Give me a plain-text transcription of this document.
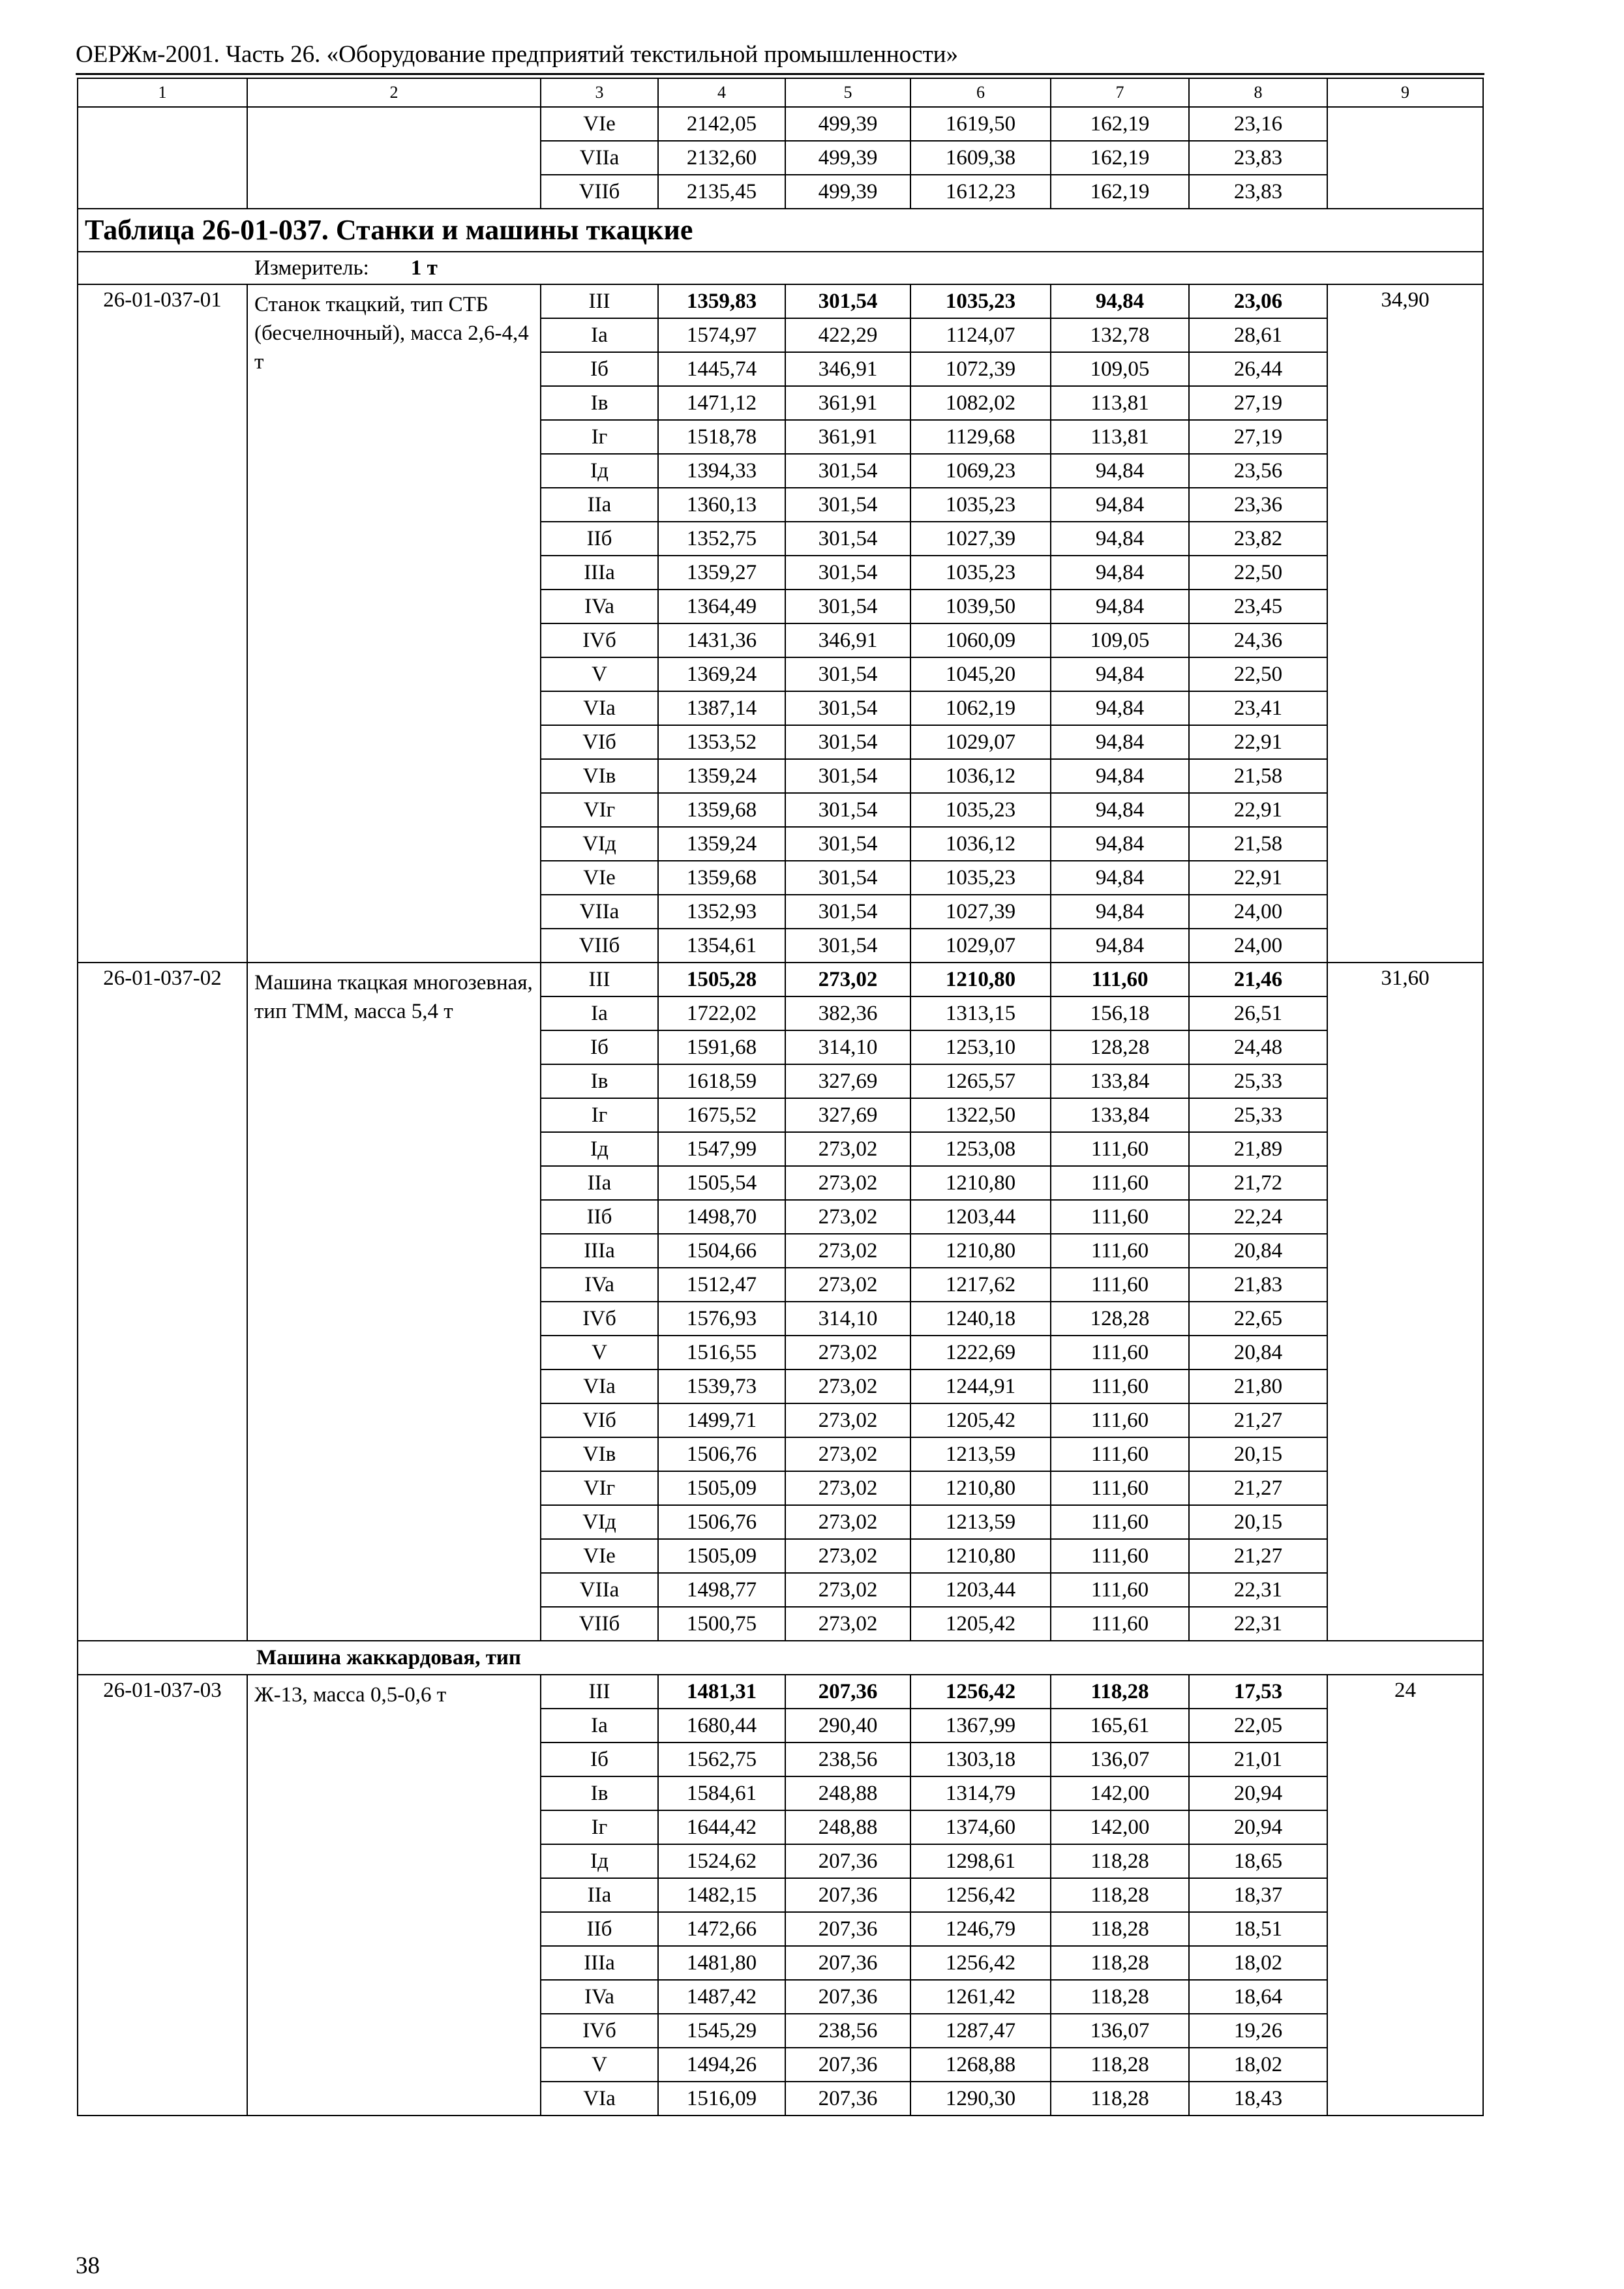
ОЕРЖм-2001. Часть 26. «Оборудование предприятий текстильной промышленности»
1	2	3	4	5	6	7	8	9
		VIe	2142,05	499,39	1619,50	162,19	23,16	
		VIIa	2132,60	499,39	1609,38	162,19	23,83	
		VIIб	2135,45	499,39	1612,23	162,19	23,83	
Таблица 26-01-037. Станки и машины ткацкие								
Измеритель: 1 т								
26-01-037-01	Станок ткацкий, тип СТБ (бесчелночный), масса 2,6-4,4 т	III	1359,83	301,54	1035,23	94,84	23,06	34,90
		Ia	1574,97	422,29	1124,07	132,78	28,61	
		Iб	1445,74	346,91	1072,39	109,05	26,44	
		Iв	1471,12	361,91	1082,02	113,81	27,19	
		Iг	1518,78	361,91	1129,68	113,81	27,19	
		Iд	1394,33	301,54	1069,23	94,84	23,56	
		IIa	1360,13	301,54	1035,23	94,84	23,36	
		IIб	1352,75	301,54	1027,39	94,84	23,82	
		IIIa	1359,27	301,54	1035,23	94,84	22,50	
		IVa	1364,49	301,54	1039,50	94,84	23,45	
		IVб	1431,36	346,91	1060,09	109,05	24,36	
		V	1369,24	301,54	1045,20	94,84	22,50	
		VIa	1387,14	301,54	1062,19	94,84	23,41	
		VIб	1353,52	301,54	1029,07	94,84	22,91	
		VIв	1359,24	301,54	1036,12	94,84	21,58	
		VIг	1359,68	301,54	1035,23	94,84	22,91	
		VIд	1359,24	301,54	1036,12	94,84	21,58	
		VIe	1359,68	301,54	1035,23	94,84	22,91	
		VIIa	1352,93	301,54	1027,39	94,84	24,00	
		VIIб	1354,61	301,54	1029,07	94,84	24,00	
26-01-037-02	Машина ткацкая многозевная, тип ТММ, масса 5,4 т	III	1505,28	273,02	1210,80	111,60	21,46	31,60
		Ia	1722,02	382,36	1313,15	156,18	26,51	
		Iб	1591,68	314,10	1253,10	128,28	24,48	
		Iв	1618,59	327,69	1265,57	133,84	25,33	
		Iг	1675,52	327,69	1322,50	133,84	25,33	
		Iд	1547,99	273,02	1253,08	111,60	21,89	
		IIa	1505,54	273,02	1210,80	111,60	21,72	
		IIб	1498,70	273,02	1203,44	111,60	22,24	
		IIIa	1504,66	273,02	1210,80	111,60	20,84	
		IVa	1512,47	273,02	1217,62	111,60	21,83	
		IVб	1576,93	314,10	1240,18	128,28	22,65	
		V	1516,55	273,02	1222,69	111,60	20,84	
		VIa	1539,73	273,02	1244,91	111,60	21,80	
		VIб	1499,71	273,02	1205,42	111,60	21,27	
		VIв	1506,76	273,02	1213,59	111,60	20,15	
		VIг	1505,09	273,02	1210,80	111,60	21,27	
		VIд	1506,76	273,02	1213,59	111,60	20,15	
		VIe	1505,09	273,02	1210,80	111,60	21,27	
		VIIa	1498,77	273,02	1203,44	111,60	22,31	
		VIIб	1500,75	273,02	1205,42	111,60	22,31	
Машина жаккардовая, тип								
26-01-037-03	Ж-13, масса 0,5-0,6 т	III	1481,31	207,36	1256,42	118,28	17,53	24
		Ia	1680,44	290,40	1367,99	165,61	22,05	
		Iб	1562,75	238,56	1303,18	136,07	21,01	
		Iв	1584,61	248,88	1314,79	142,00	20,94	
		Iг	1644,42	248,88	1374,60	142,00	20,94	
		Iд	1524,62	207,36	1298,61	118,28	18,65	
		IIa	1482,15	207,36	1256,42	118,28	18,37	
		IIб	1472,66	207,36	1246,79	118,28	18,51	
		IIIa	1481,80	207,36	1256,42	118,28	18,02	
		IVa	1487,42	207,36	1261,42	118,28	18,64	
		IVб	1545,29	238,56	1287,47	136,07	19,26	
		V	1494,26	207,36	1268,88	118,28	18,02	
		VIa	1516,09	207,36	1290,30	118,28	18,43	
38
